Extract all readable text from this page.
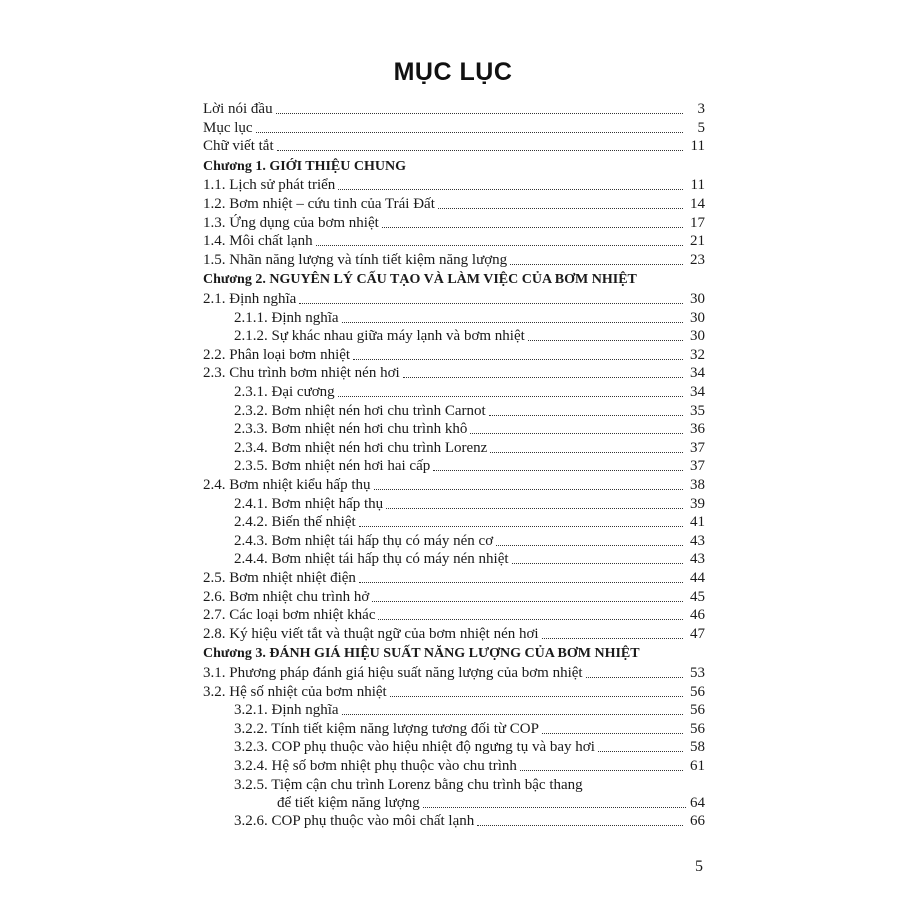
MỤC LỤC
Lời nói đầu	3
Mục lục	5
Chữ viết tắt	11
Chương 1. GIỚI THIỆU CHUNG
1.1. Lịch sử phát triển	11
1.2. Bơm nhiệt – cứu tinh của Trái Đất	14
1.3. Ứng dụng của bơm nhiệt	17
1.4. Môi chất lạnh	21
1.5. Nhãn năng lượng và tính tiết kiệm năng lượng	23
Chương 2. NGUYÊN LÝ CẤU TẠO VÀ LÀM VIỆC CỦA BƠM NHIỆT
2.1. Định nghĩa	30
2.1.1. Định nghĩa	30
2.1.2. Sự khác nhau giữa máy lạnh và bơm nhiệt	30
2.2. Phân loại bơm nhiệt	32
2.3. Chu trình bơm nhiệt nén hơi	34
2.3.1. Đại cương	34
2.3.2. Bơm nhiệt nén hơi chu trình Carnot	35
2.3.3. Bơm nhiệt nén hơi chu trình khô	36
2.3.4. Bơm nhiệt nén hơi chu trình Lorenz	37
2.3.5. Bơm nhiệt nén hơi hai cấp	37
2.4. Bơm nhiệt kiểu hấp thụ	38
2.4.1. Bơm nhiệt hấp thụ	39
2.4.2. Biến thế nhiệt	41
2.4.3. Bơm nhiệt tái hấp thụ có máy nén cơ	43
2.4.4. Bơm nhiệt tái hấp thụ có máy nén nhiệt	43
2.5. Bơm nhiệt nhiệt điện	44
2.6. Bơm nhiệt chu trình hở	45
2.7. Các loại bơm nhiệt khác	46
2.8. Ký hiệu viết tắt và thuật ngữ của bơm nhiệt nén hơi	47
Chương 3. ĐÁNH GIÁ HIỆU SUẤT NĂNG LƯỢNG CỦA BƠM NHIỆT
3.1. Phương pháp đánh giá hiệu suất năng lượng của bơm nhiệt	53
3.2. Hệ số nhiệt của bơm nhiệt	56
3.2.1. Định nghĩa	56
3.2.2. Tính tiết kiệm năng lượng tương đối từ COP	56
3.2.3. COP phụ thuộc vào hiệu nhiệt độ ngưng tụ và bay hơi	58
3.2.4. Hệ số bơm nhiệt phụ thuộc vào chu trình	61
3.2.5. Tiệm cận chu trình Lorenz bằng chu trình bậc thang
để tiết kiệm năng lượng	64
3.2.6. COP phụ thuộc vào môi chất lạnh	66
5
